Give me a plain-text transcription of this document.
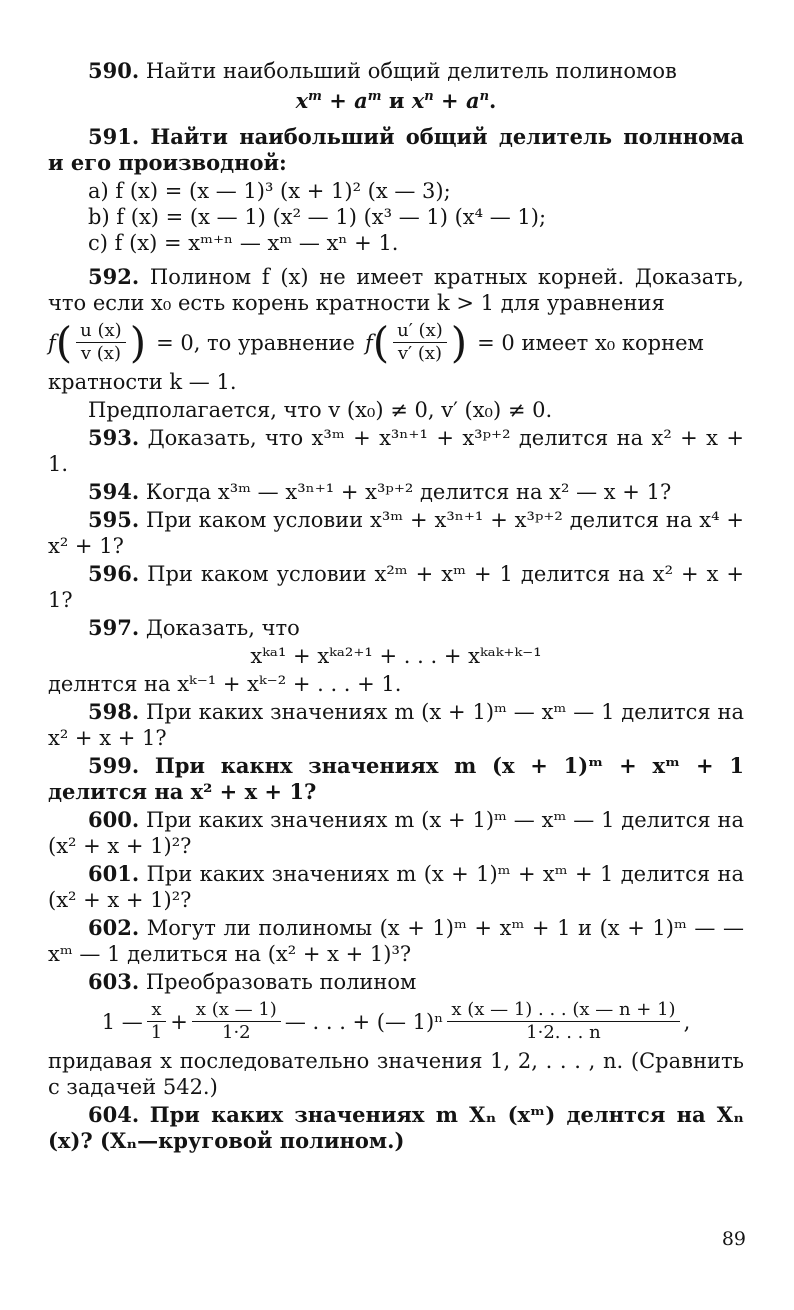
590. Найти наибольший общий делитель полиномов

$x^m + a^m$ и $x^n + a^n$.

591. Найти наибольший общий делитель полннома и его производной:

a) f (x) = (x — 1)³ (x + 1)² (x — 3);

b) f (x) = (x — 1) (x² — 1) (x³ — 1) (x⁴ — 1);

c) f (x) = xᵐ⁺ⁿ — xᵐ — xⁿ + 1.

592. Полином f (x) не имеет кратных корней. Доказать, что если x₀ есть корень кратности k > 1 для уравнения

f ( $\frac{u (x)}{v (x)}$ ) = 0, то уравнение f ( $\frac{u' (x)}{v' (x)}$ ) = 0 имеет x₀ корнем

кратности k — 1.

Предполагается, что v (x₀) ≠ 0, v′ (x₀) ≠ 0.

593. Доказать, что x³ᵐ + x³ⁿ⁺¹ + x³ᵖ⁺² делится на x² + x + 1.

594. Когда x³ᵐ — x³ⁿ⁺¹ + x³ᵖ⁺² делится на x² — x + 1?

595. При каком условии x³ᵐ + x³ⁿ⁺¹ + x³ᵖ⁺² делится на x⁴ + x² + 1?

596. При каком условии x²ᵐ + xᵐ + 1 делится на x² + x + 1?

597. Доказать, что

xᵏᵃ¹ + xᵏᵃ²⁺¹ + . . . + xᵏᵃᵏ⁺ᵏ⁻¹

делнтся на xᵏ⁻¹ + xᵏ⁻² + . . . + 1.

598. При каких значениях m (x + 1)ᵐ — xᵐ — 1 делится на x² + x + 1?

599. При какнх значениях m (x + 1)ᵐ + xᵐ + 1 делится на x² + x + 1?

600. При каких значениях m (x + 1)ᵐ — xᵐ — 1 делится на (x² + x + 1)²?

601. При каких значениях m (x + 1)ᵐ + xᵐ + 1 делится на (x² + x + 1)²?

602. Могут ли полиномы (x + 1)ᵐ + xᵐ + 1 и (x + 1)ᵐ — — xᵐ — 1 делиться на (x² + x + 1)³?

603. Преобразовать полином

1 — $\frac{x}{1} + \frac{x (x — 1)}{1\cdot 2}$ — . . . + (— $1)^n \frac{x (x — 1) . . . (x — n + 1)}{1\cdot 2. . . n}$ ,

придавая x последовательно значения 1, 2, . . . , n. (Сравнить с задачей 542.)

604. При каких значениях m Xₙ (xᵐ) делнтся на Xₙ (x)? (Xₙ—круговой полином.)

89
